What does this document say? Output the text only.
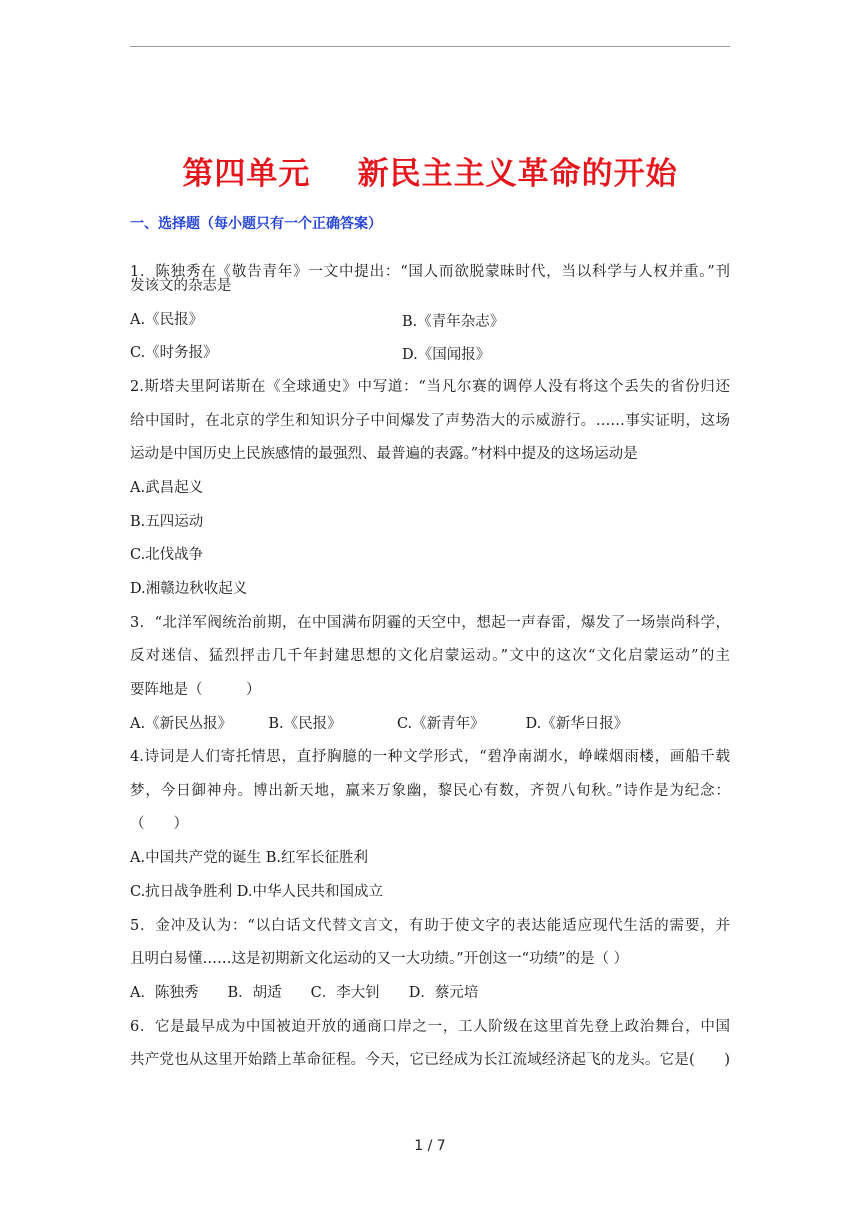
第四单元    新民主主义革命的开始
一、选择题（每小题只有一个正确答案）
1．陈独秀在《敬告青年》一文中提出：“国人而欲脱蒙昧时代，当以科学与人权并重。”刊
发该文的杂志是
A.《民报》	B.《青年杂志》
C.《时务报》	D.《国闻报》
2.斯塔夫里阿诺斯在《全球通史》中写道：“当凡尔赛的调停人没有将这个丢失的省份归还
给中国时，在北京的学生和知识分子中间爆发了声势浩大的示威游行。……事实证明，这场
运动是中国历史上民族感情的最强烈、最普遍的表露。”材料中提及的这场运动是
A.武昌起义
B.五四运动
C.北伐战争
D.湘赣边秋收起义
3．“北洋军阀统治前期，在中国满布阴霾的天空中，想起一声春雷，爆发了一场崇尚科学，
反对迷信、猛烈抨击几千年封建思想的文化启蒙运动。”文中的这次“文化启蒙运动”的主
要阵地是（　　　）
A.《新民丛报》　　　B.《民报》　　　　 C.《新青年》　　　 D.《新华日报》
4.诗词是人们寄托情思，直抒胸臆的一种文学形式，“碧净南湖水，峥嵘烟雨楼，画船千载
梦，今日御神舟。博出新天地，赢来万象幽，黎民心有数，齐贺八旬秋。”诗作是为纪念：
（　　）
A.中国共产党的诞生 B.红军长征胜利
C.抗日战争胜利 D.中华人民共和国成立
5．金冲及认为：“以白话文代替文言文，有助于使文字的表达能适应现代生活的需要，并
且明白易懂……这是初期新文化运动的又一大功绩。”开创这一“功绩”的是（ ）
A．陈独秀　　B．胡适　　C．李大钊　　D．蔡元培
6．它是最早成为中国被迫开放的通商口岸之一，工人阶级在这里首先登上政治舞台，中国
共产党也从这里开始踏上革命征程。今天，它已经成为长江流域经济起飞的龙头。它是(　　)
1 / 7
